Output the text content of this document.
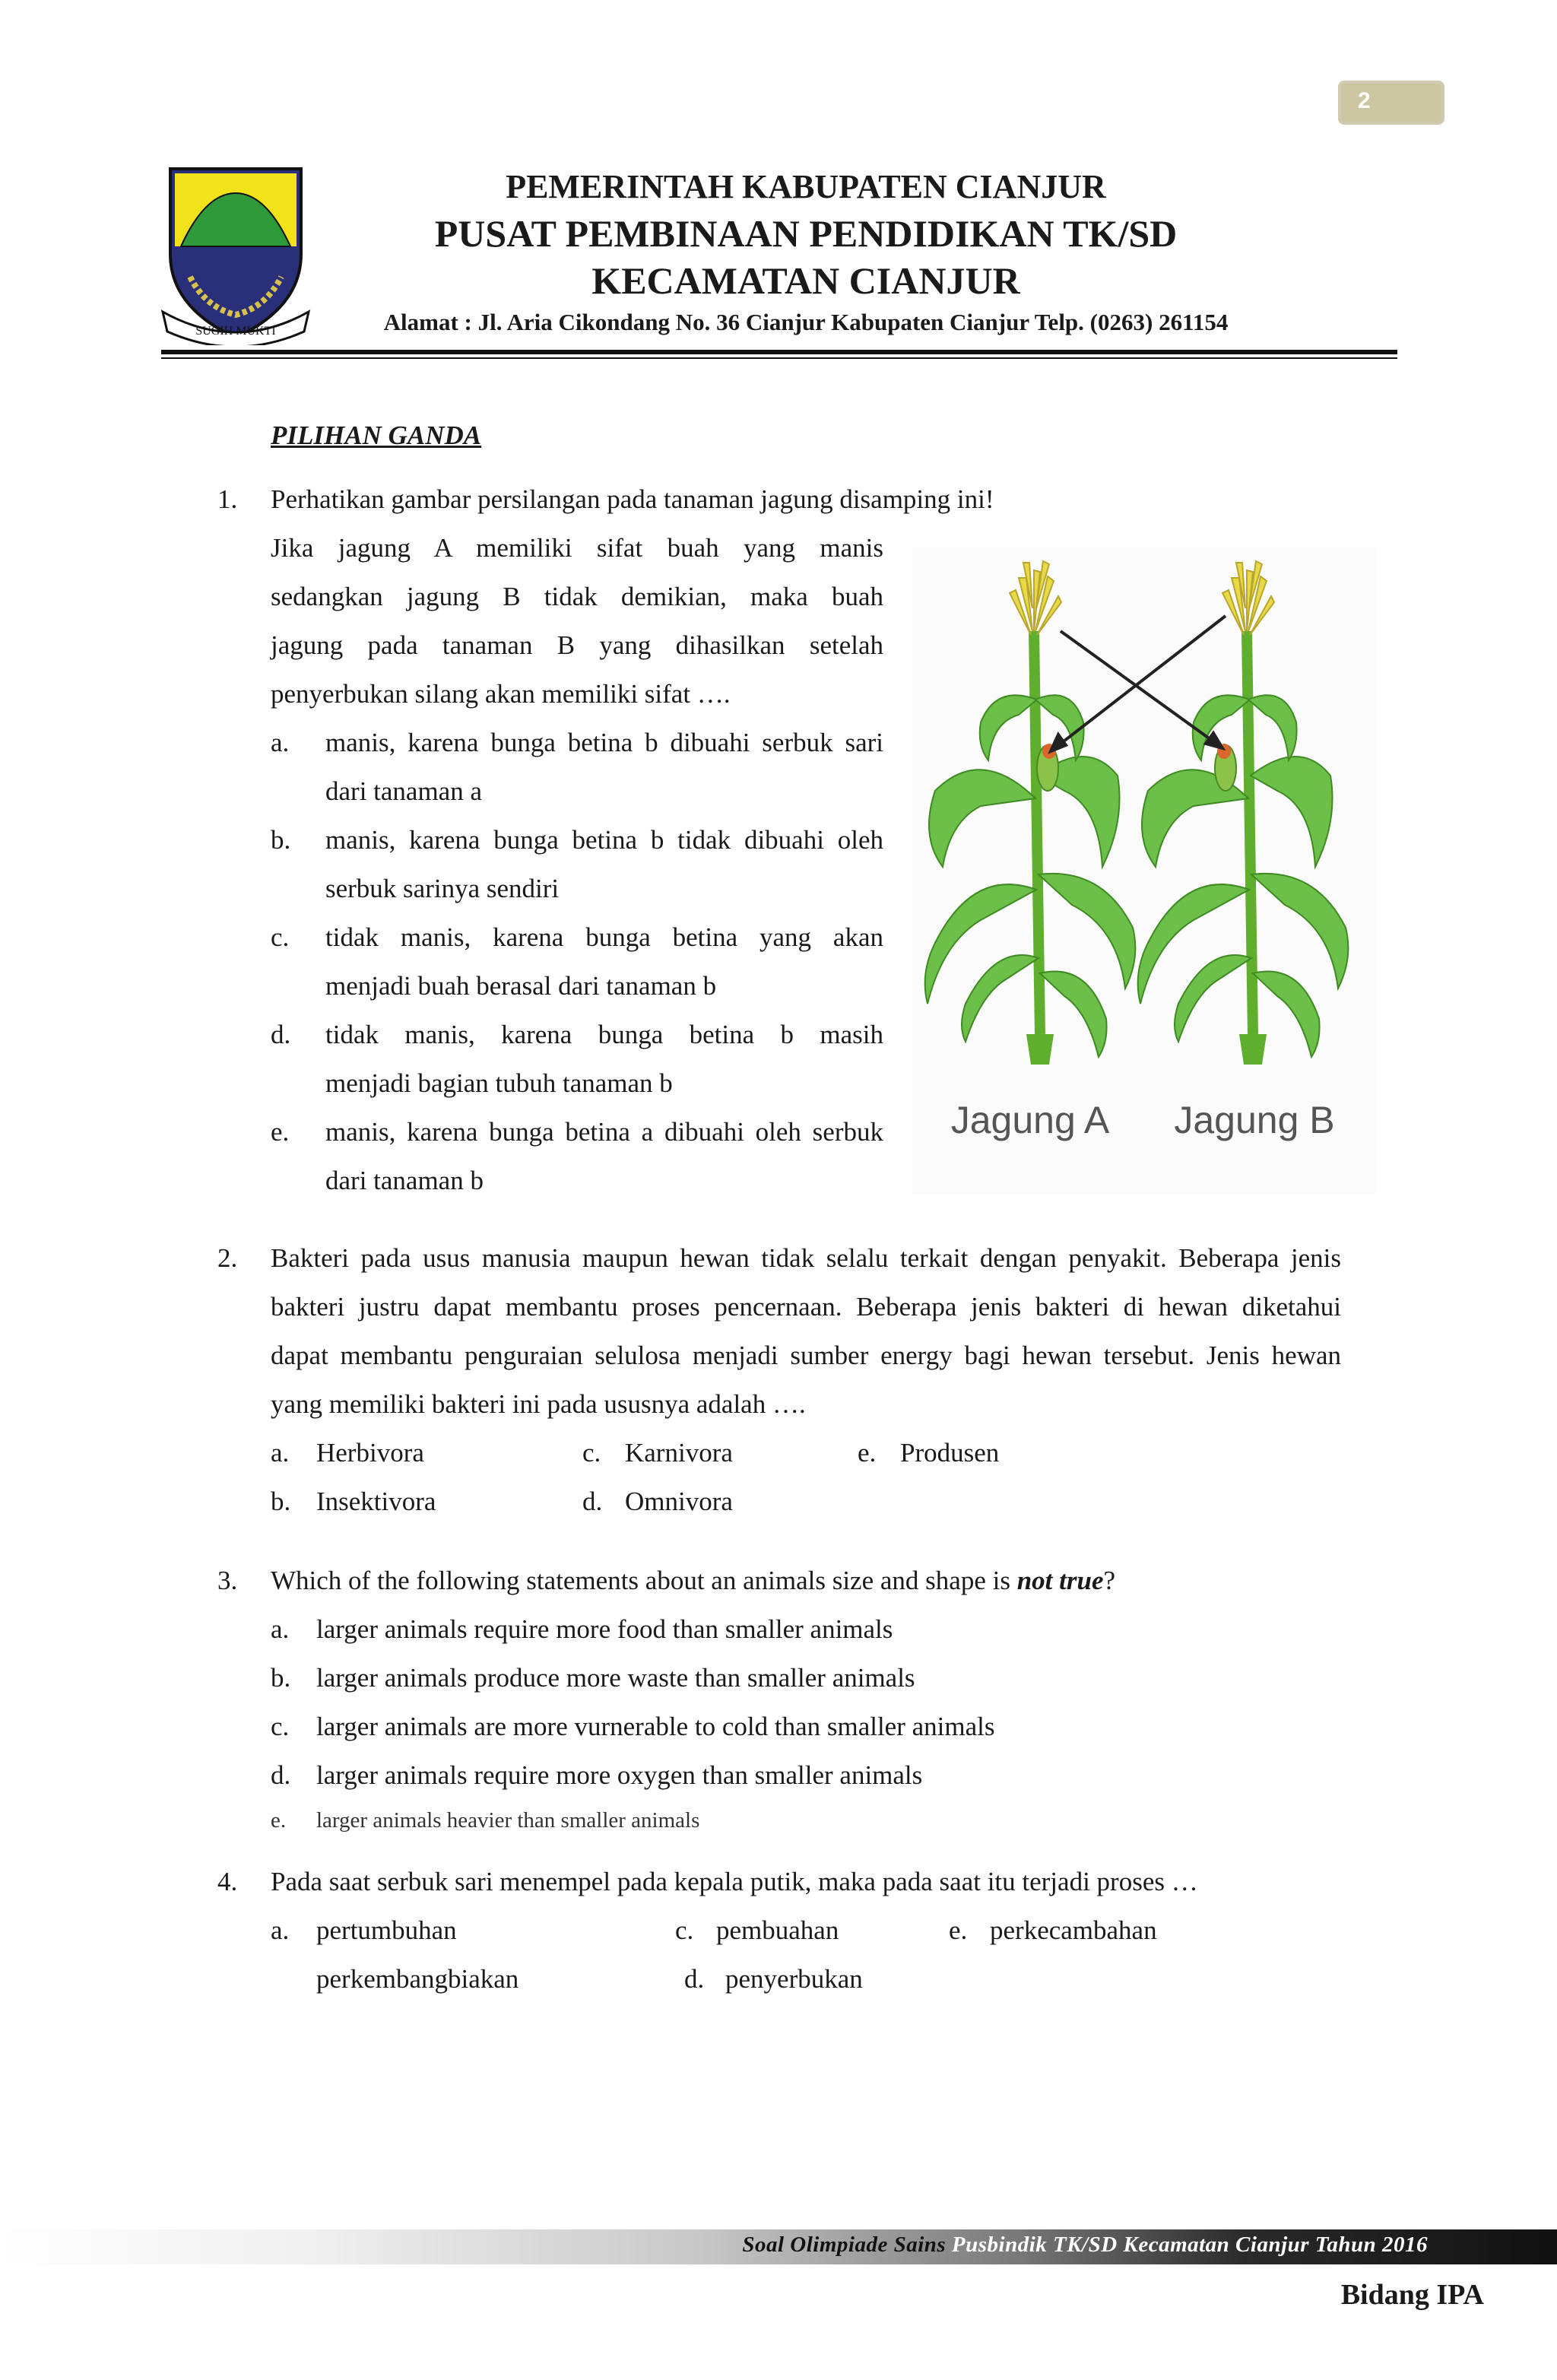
2
SUGIH MUKTI
PEMERINTAH KABUPATEN CIANJUR
PUSAT PEMBINAAN PENDIDIKAN TK/SD
KECAMATAN CIANJUR
Alamat : Jl. Aria Cikondang No. 36 Cianjur Kabupaten Cianjur Telp. (0263) 261154
PILIHAN GANDA
1. Perhatikan gambar persilangan pada tanaman jagung disamping ini!
Jika jagung A memiliki sifat buah yang manis
sedangkan jagung B tidak demikian, maka buah
jagung pada tanaman B yang dihasilkan setelah
penyerbukan silang akan memiliki sifat ….
a. manis, karena bunga betina b dibuahi serbuk sari
dari tanaman a
b. manis, karena bunga betina b tidak dibuahi oleh
serbuk sarinya sendiri
c. tidak manis, karena bunga betina yang akan
menjadi buah berasal dari tanaman b
d. tidak manis, karena bunga betina b masih
menjadi bagian tubuh tanaman b
e. manis, karena bunga betina a dibuahi oleh serbuk
dari tanaman b
Jagung A Jagung B
2. Bakteri pada usus manusia maupun hewan tidak selalu terkait dengan penyakit. Beberapa jenis
bakteri justru dapat membantu proses pencernaan. Beberapa jenis bakteri di hewan diketahui
dapat membantu penguraian selulosa menjadi sumber energy bagi hewan tersebut. Jenis hewan
yang memiliki bakteri ini pada ususnya adalah ….
a. Herbivora	c. Karnivora	e. Produsen
b. Insektivora	d. Omnivora
3. Which of the following statements about an animals size and shape is not true?
a. larger animals require more food than smaller animals
b. larger animals produce more waste than smaller animals
c. larger animals are more vurnerable to cold than smaller animals
d. larger animals require more oxygen than smaller animals
e. larger animals heavier than smaller animals
4. Pada saat serbuk sari menempel pada kepala putik, maka pada saat itu terjadi proses …
a. pertumbuhan	c. pembuahan	e. perkecambahan
perkembangbiakan	d. penyerbukan
Soal Olimpiade Sains Pusbindik TK/SD Kecamatan Cianjur Tahun 2016
Bidang IPA
